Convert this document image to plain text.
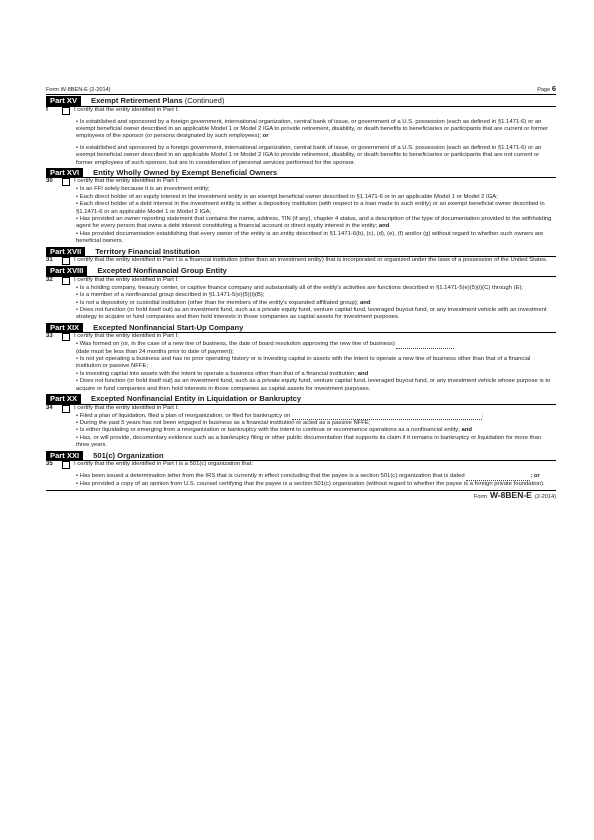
Form W-8BEN-E (2-2014)	Page 6
Part XV	Exempt Retirement Plans (Continued)
f	I certify that the entity identified in Part I:
• Is established and sponsored by a foreign government, international organization, central bank of issue, or government of a U.S. possession (each as defined in §1.1471-6) or an exempt beneficial owner described in an applicable Model 1 or Model 2 IGA to provide retirement, disability, or death benefits to beneficiaries or participants that are current or former employees of the sponsor (or persons designated by such employees); or
• Is established and sponsored by a foreign government, international organization, central bank of issue, or government of a U.S. possession (each as defined in §1.1471-6) or an exempt beneficial owner described in an applicable Model 1 or Model 2 IGA to provide retirement, disability, or death benefits to beneficiaries or participants that are not current or former employees of such sponsor, but are in consideration of personal services performed for the sponsor.
Part XVI	Entity Wholly Owned by Exempt Beneficial Owners
30	I certify that the entity identified in Part I:
• Is an FFI solely because it is an investment entity;
• Each direct holder of an equity interest in the investment entity is an exempt beneficial owner described in §1.1471-6 or in an applicable Model 1 or Model 2 IGA;
• Each direct holder of a debt interest in the investment entity is either a depository institution (with respect to a loan made to such entity) or an exempt beneficial owner described in §1.1471-6 or an applicable Model 1 or Model 2 IGA;
• Has provided an owner reporting statement that contains the name, address, TIN (if any), chapter 4 status, and a description of the type of documentation provided to the withholding agent for every person that owns a debt interest constituting a financial account or direct equity interest in the entity; and
• Has provided documentation establishing that every owner of the entity is an entity described in §1.1471-6(b), (c), (d), (e), (f) and/or (g) without regard to whether such owners are beneficial owners.
Part XVII	Territory Financial Institution
31	I certify that the entity identified in Part I is a financial institution (other than an investment entity) that is incorporated or organized under the laws of a possession of the United States.
Part XVIII	Excepted Nonfinancial Group Entity
32	I certify that the entity identified in Part I:
• Is a holding company, treasury center, or captive finance company and substantially all of the entity's activities are functions described in §1.1471-5(e)(5)(i)(C) through (E);
• Is a member of a nonfinancial group described in §1.1471-5(e)(5)(i)(B);
• Is not a depository or custodial institution (other than for members of the entity's expanded affiliated group); and
• Does not function (or hold itself out) as an investment fund, such as a private equity fund, venture capital fund, leveraged buyout fund, or any investment vehicle with an investment strategy to acquire or fund companies and then hold interests in those companies as capital assets for investment purposes.
Part XIX	Excepted Nonfinancial Start-Up Company
33	I certify that the entity identified in Part I:
• Was formed on (or, in the case of a new line of business, the date of board resolution approving the new line of business)
(date must be less than 24 months prior to date of payment);
• Is not yet operating a business and has no prior operating history or is investing capital in assets with the intent to operate a new line of business other than that of a financial institution or passive NFFE;
• Is investing capital into assets with the intent to operate a business other than that of a financial institution; and
• Does not function (or hold itself out) as an investment fund, such as a private equity fund, venture capital fund, leveraged buyout fund, or any investment vehicle whose purpose is to acquire or fund companies and then hold interests in those companies as capital assets for investment purposes.
Part XX	Excepted Nonfinancial Entity in Liquidation or Bankruptcy
34	I certify that the entity identified in Part I:
• Filed a plan of liquidation, filed a plan of reorganization, or filed for bankruptcy on	;
• During the past 5 years has not been engaged in business as a financial institution or acted as a passive NFFE;
• Is either liquidating or emerging from a reorganization or bankruptcy with the intent to continue or recommence operations as a nonfinancial entity; and
• Has, or will provide, documentary evidence such as a bankruptcy filing or other public documentation that supports its claim if it remains in bankruptcy or liquidation for more than three years.
Part XXI	501(c) Organization
35	I certify that the entity identified in Part I is a 501(c) organization that:
• Has been issued a determination letter from the IRS that is currently in effect concluding that the payee is a section 501(c) organization that is dated	; or
• Has provided a copy of an opinion from U.S. counsel certifying that the payee is a section 501(c) organization (without regard to whether the payee is a foreign private foundation).
Form W-8BEN-E (2-2014)
